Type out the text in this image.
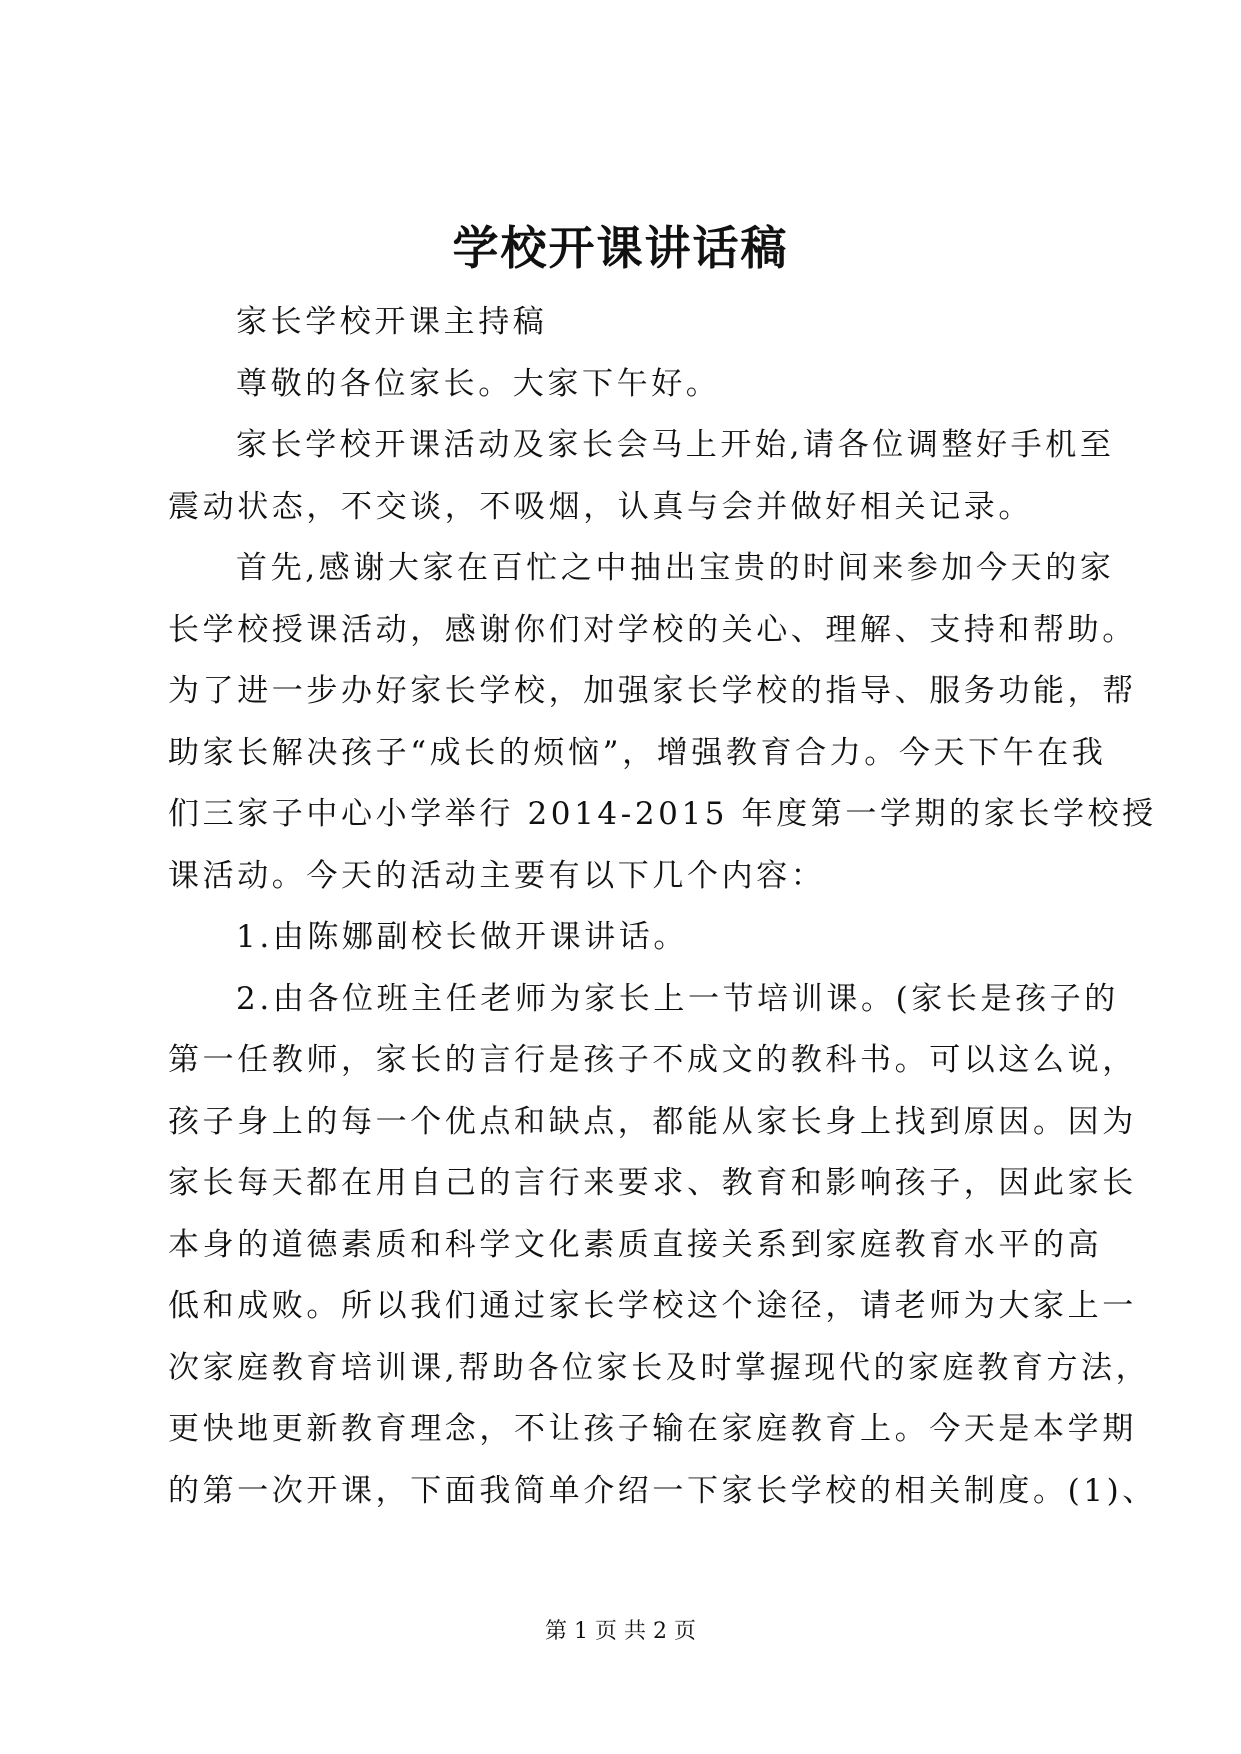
学校开课讲话稿
家长学校开课主持稿
尊敬的各位家长。大家下午好。
家长学校开课活动及家长会马上开始,请各位调整好手机至
震动状态，不交谈，不吸烟，认真与会并做好相关记录。
首先,感谢大家在百忙之中抽出宝贵的时间来参加今天的家
长学校授课活动，感谢你们对学校的关心、理解、支持和帮助。
为了进一步办好家长学校，加强家长学校的指导、服务功能，帮
助家长解决孩子“成长的烦恼”，增强教育合力。今天下午在我
们三家子中心小学举行 2014-2015 年度第一学期的家长学校授
课活动。今天的活动主要有以下几个内容：
1.由陈娜副校长做开课讲话。
2.由各位班主任老师为家长上一节培训课。(家长是孩子的
第一任教师，家长的言行是孩子不成文的教科书。可以这么说，
孩子身上的每一个优点和缺点，都能从家长身上找到原因。因为
家长每天都在用自己的言行来要求、教育和影响孩子，因此家长
本身的道德素质和科学文化素质直接关系到家庭教育水平的高
低和成败。所以我们通过家长学校这个途径，请老师为大家上一
次家庭教育培训课,帮助各位家长及时掌握现代的家庭教育方法，
更快地更新教育理念，不让孩子输在家庭教育上。今天是本学期
的第一次开课，下面我简单介绍一下家长学校的相关制度。(1)、
第 1 页 共 2 页
